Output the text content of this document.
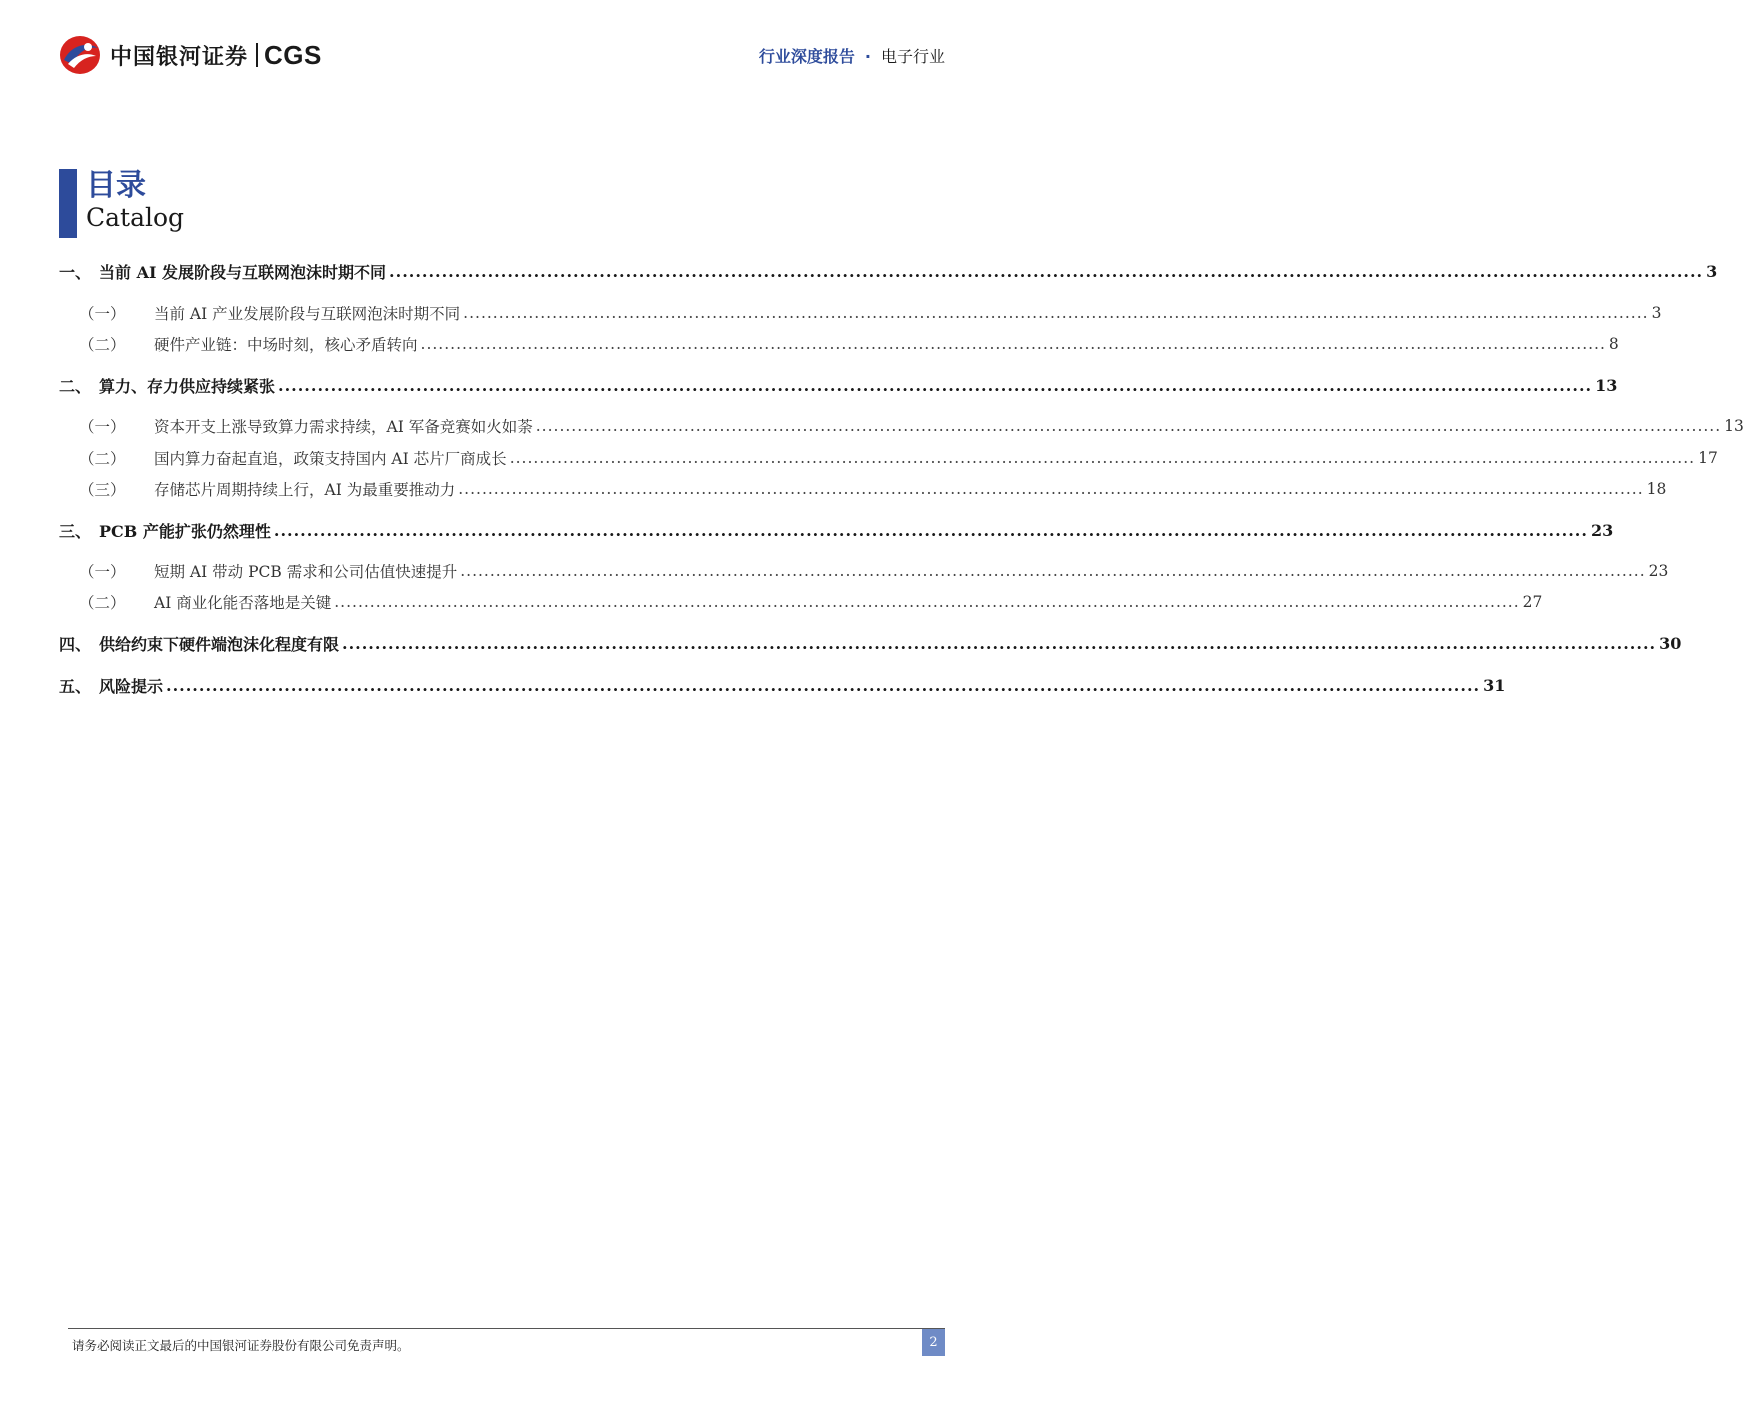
中国银河证券 CGS	行业深度报告 · 电子行业
目录
Catalog
一、 当前 AI 发展阶段与互联网泡沫时期不同 ........................................................................................................................................................................................................ 3
（一）	当前 AI 产业发展阶段与互联网泡沫时期不同 ........................................................................................................................................................................................................ 3
（二）	硬件产业链：中场时刻，核心矛盾转向 ........................................................................................................................................................................................................ 8
二、 算力、存力供应持续紧张 ........................................................................................................................................................................................................ 13
（一）	资本开支上涨导致算力需求持续，AI 军备竞赛如火如荼 ........................................................................................................................................................................................................ 13
（二）	国内算力奋起直追，政策支持国内 AI 芯片厂商成长 ........................................................................................................................................................................................................ 17
（三）	存储芯片周期持续上行，AI 为最重要推动力 ........................................................................................................................................................................................................ 18
三、 PCB 产能扩张仍然理性 ........................................................................................................................................................................................................ 23
（一）	短期 AI 带动 PCB 需求和公司估值快速提升 ........................................................................................................................................................................................................ 23
（二）	AI 商业化能否落地是关键 ........................................................................................................................................................................................................ 27
四、 供给约束下硬件端泡沫化程度有限 ........................................................................................................................................................................................................ 30
五、 风险提示 ........................................................................................................................................................................................................ 31
请务必阅读正文最后的中国银河证券股份有限公司免责声明。	2
